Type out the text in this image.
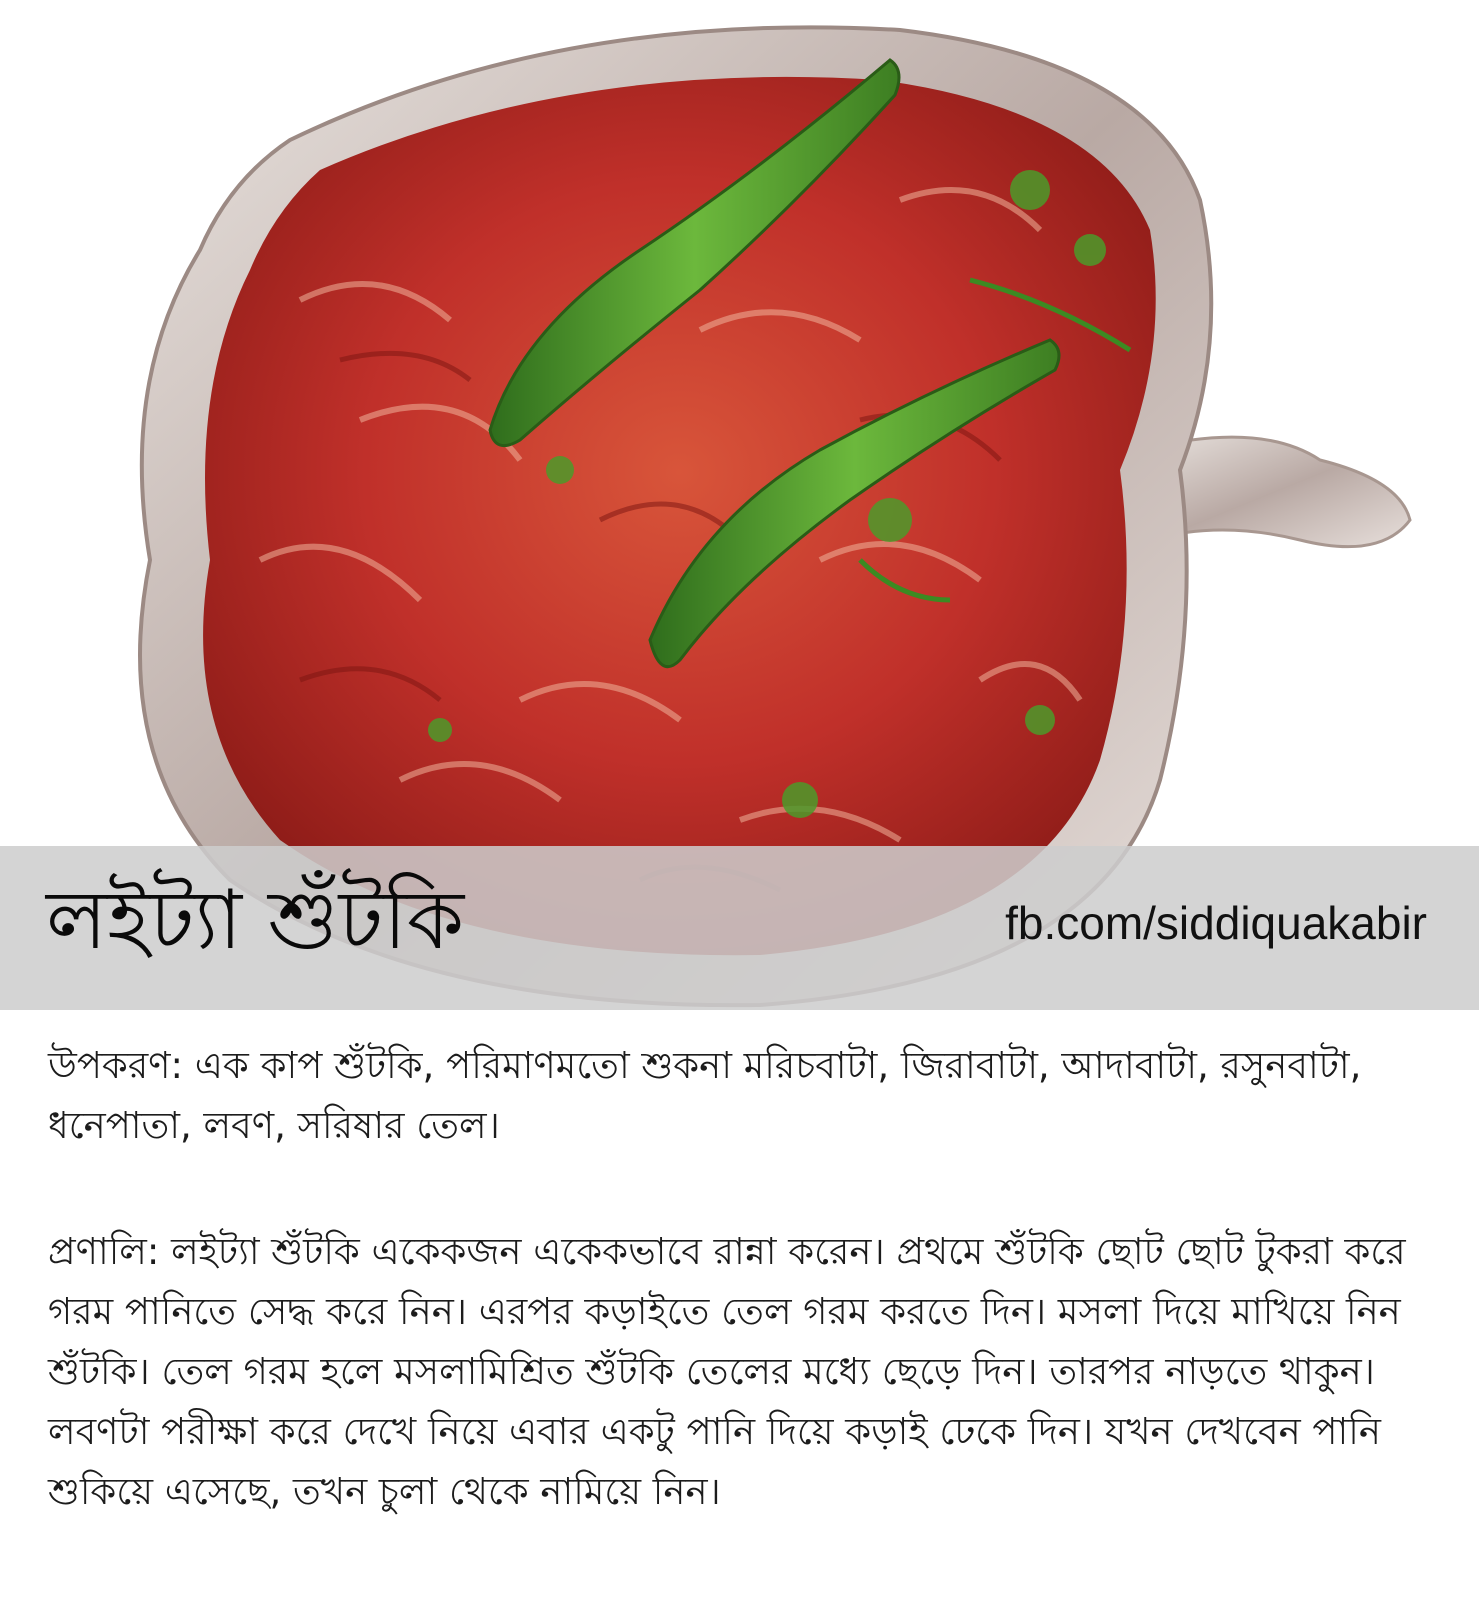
লইট্যা শুঁটকি	fb.com/siddiquakabir
উপকরণ: এক কাপ শুঁটকি, পরিমাণমতো শুকনা মরিচবাটা, জিরাবাটা, আদাবাটা, রসুনবাটা, ধনেপাতা, লবণ, সরিষার তেল।
প্রণালি: লইট্যা শুঁটকি একেকজন একেকভাবে রান্না করেন। প্রথমে শুঁটকি ছোট ছোট টুকরা করে গরম পানিতে সেদ্ধ করে নিন। এরপর কড়াইতে তেল গরম করতে দিন। মসলা দিয়ে মাখিয়ে নিন শুঁটকি। তেল গরম হলে মসলামিশ্রিত শুঁটকি তেলের মধ্যে ছেড়ে দিন। তারপর নাড়তে থাকুন। লবণটা পরীক্ষা করে দেখে নিয়ে এবার একটু পানি দিয়ে কড়াই ঢেকে দিন। যখন দেখবেন পানি শুকিয়ে এসেছে, তখন চুলা থেকে নামিয়ে নিন।
